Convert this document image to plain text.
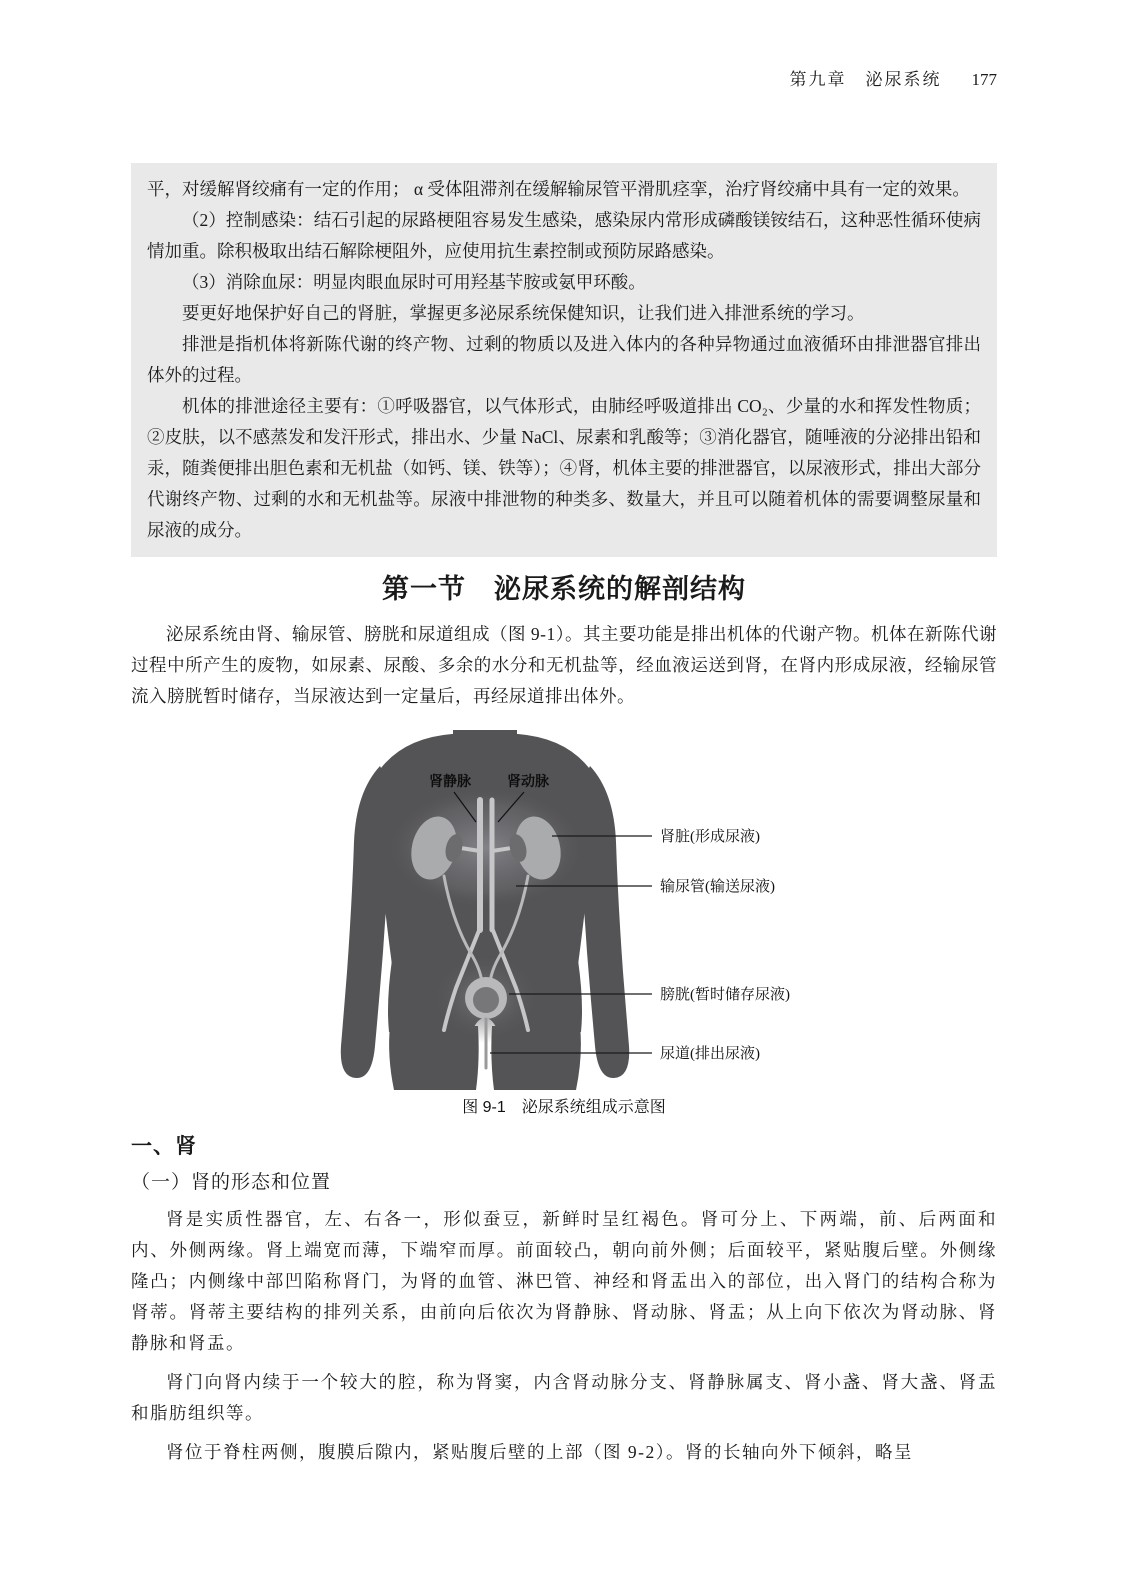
第九章　泌尿系统 177

平，对缓解肾绞痛有一定的作用； α 受体阻滞剂在缓解输尿管平滑肌痉挛，治疗肾绞痛中具有一定的效果。

（2）控制感染：结石引起的尿路梗阻容易发生感染，感染尿内常形成磷酸镁铵结石，这种恶性循环使病情加重。除积极取出结石解除梗阻外，应使用抗生素控制或预防尿路感染。

（3）消除血尿：明显肉眼血尿时可用羟基苄胺或氨甲环酸。

要更好地保护好自己的肾脏，掌握更多泌尿系统保健知识，让我们进入排泄系统的学习。

排泄是指机体将新陈代谢的终产物、过剩的物质以及进入体内的各种异物通过血液循环由排泄器官排出体外的过程。

机体的排泄途径主要有：①呼吸器官，以气体形式，由肺经呼吸道排出 CO₂、少量的水和挥发性物质；②皮肤，以不感蒸发和发汗形式，排出水、少量 NaCl、尿素和乳酸等；③消化器官，随唾液的分泌排出铅和汞，随粪便排出胆色素和无机盐（如钙、镁、铁等）；④肾，机体主要的排泄器官，以尿液形式，排出大部分代谢终产物、过剩的水和无机盐等。尿液中排泄物的种类多、数量大，并且可以随着机体的需要调整尿量和尿液的成分。

第一节　泌尿系统的解剖结构

泌尿系统由肾、输尿管、膀胱和尿道组成（图 9-1）。其主要功能是排出机体的代谢产物。机体在新陈代谢过程中所产生的废物，如尿素、尿酸、多余的水分和无机盐等，经血液运送到肾，在肾内形成尿液，经输尿管流入膀胱暂时储存，当尿液达到一定量后，再经尿道排出体外。

肾静脉	肾动脉
肾脏(形成尿液)
输尿管(输送尿液)
膀胱(暂时储存尿液)
尿道(排出尿液)
图 9-1　泌尿系统组成示意图
一、肾
（一）肾的形态和位置

肾是实质性器官，左、右各一，形似蚕豆，新鲜时呈红褐色。肾可分上、下两端，前、后两面和内、外侧两缘。肾上端宽而薄，下端窄而厚。前面较凸，朝向前外侧；后面较平，紧贴腹后壁。外侧缘隆凸；内侧缘中部凹陷称肾门，为肾的血管、淋巴管、神经和肾盂出入的部位，出入肾门的结构合称为肾蒂。肾蒂主要结构的排列关系，由前向后依次为肾静脉、肾动脉、肾盂；从上向下依次为肾动脉、肾静脉和肾盂。

肾门向肾内续于一个较大的腔，称为肾窦，内含肾动脉分支、肾静脉属支、肾小盏、肾大盏、肾盂和脂肪组织等。

肾位于脊柱两侧，腹膜后隙内，紧贴腹后壁的上部（图 9-2）。肾的长轴向外下倾斜，略呈
